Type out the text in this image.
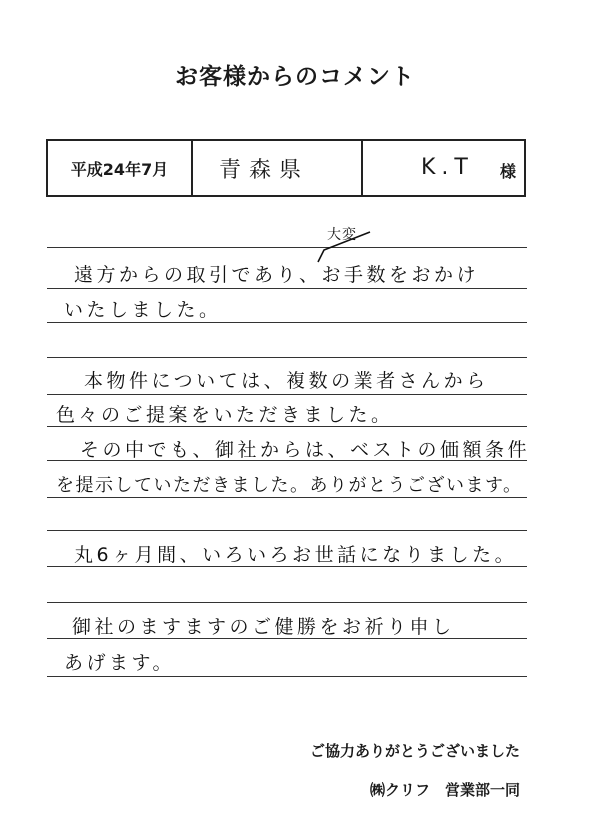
お客様からのコメント
平成24年7月	青森県	K.T 様
大変
遠方からの取引であり、お手数をおかけ
いたしました。
本物件については、複数の業者さんから
色々のご提案をいただきました。
その中でも、御社からは、ベストの価額条件
を提示していただきました。ありがとうございます。
丸6ヶ月間、いろいろお世話になりました。
御社のますますのご健勝をお祈り申し
あげます。
ご協力ありがとうございました
㈱クリフ　営業部一同
